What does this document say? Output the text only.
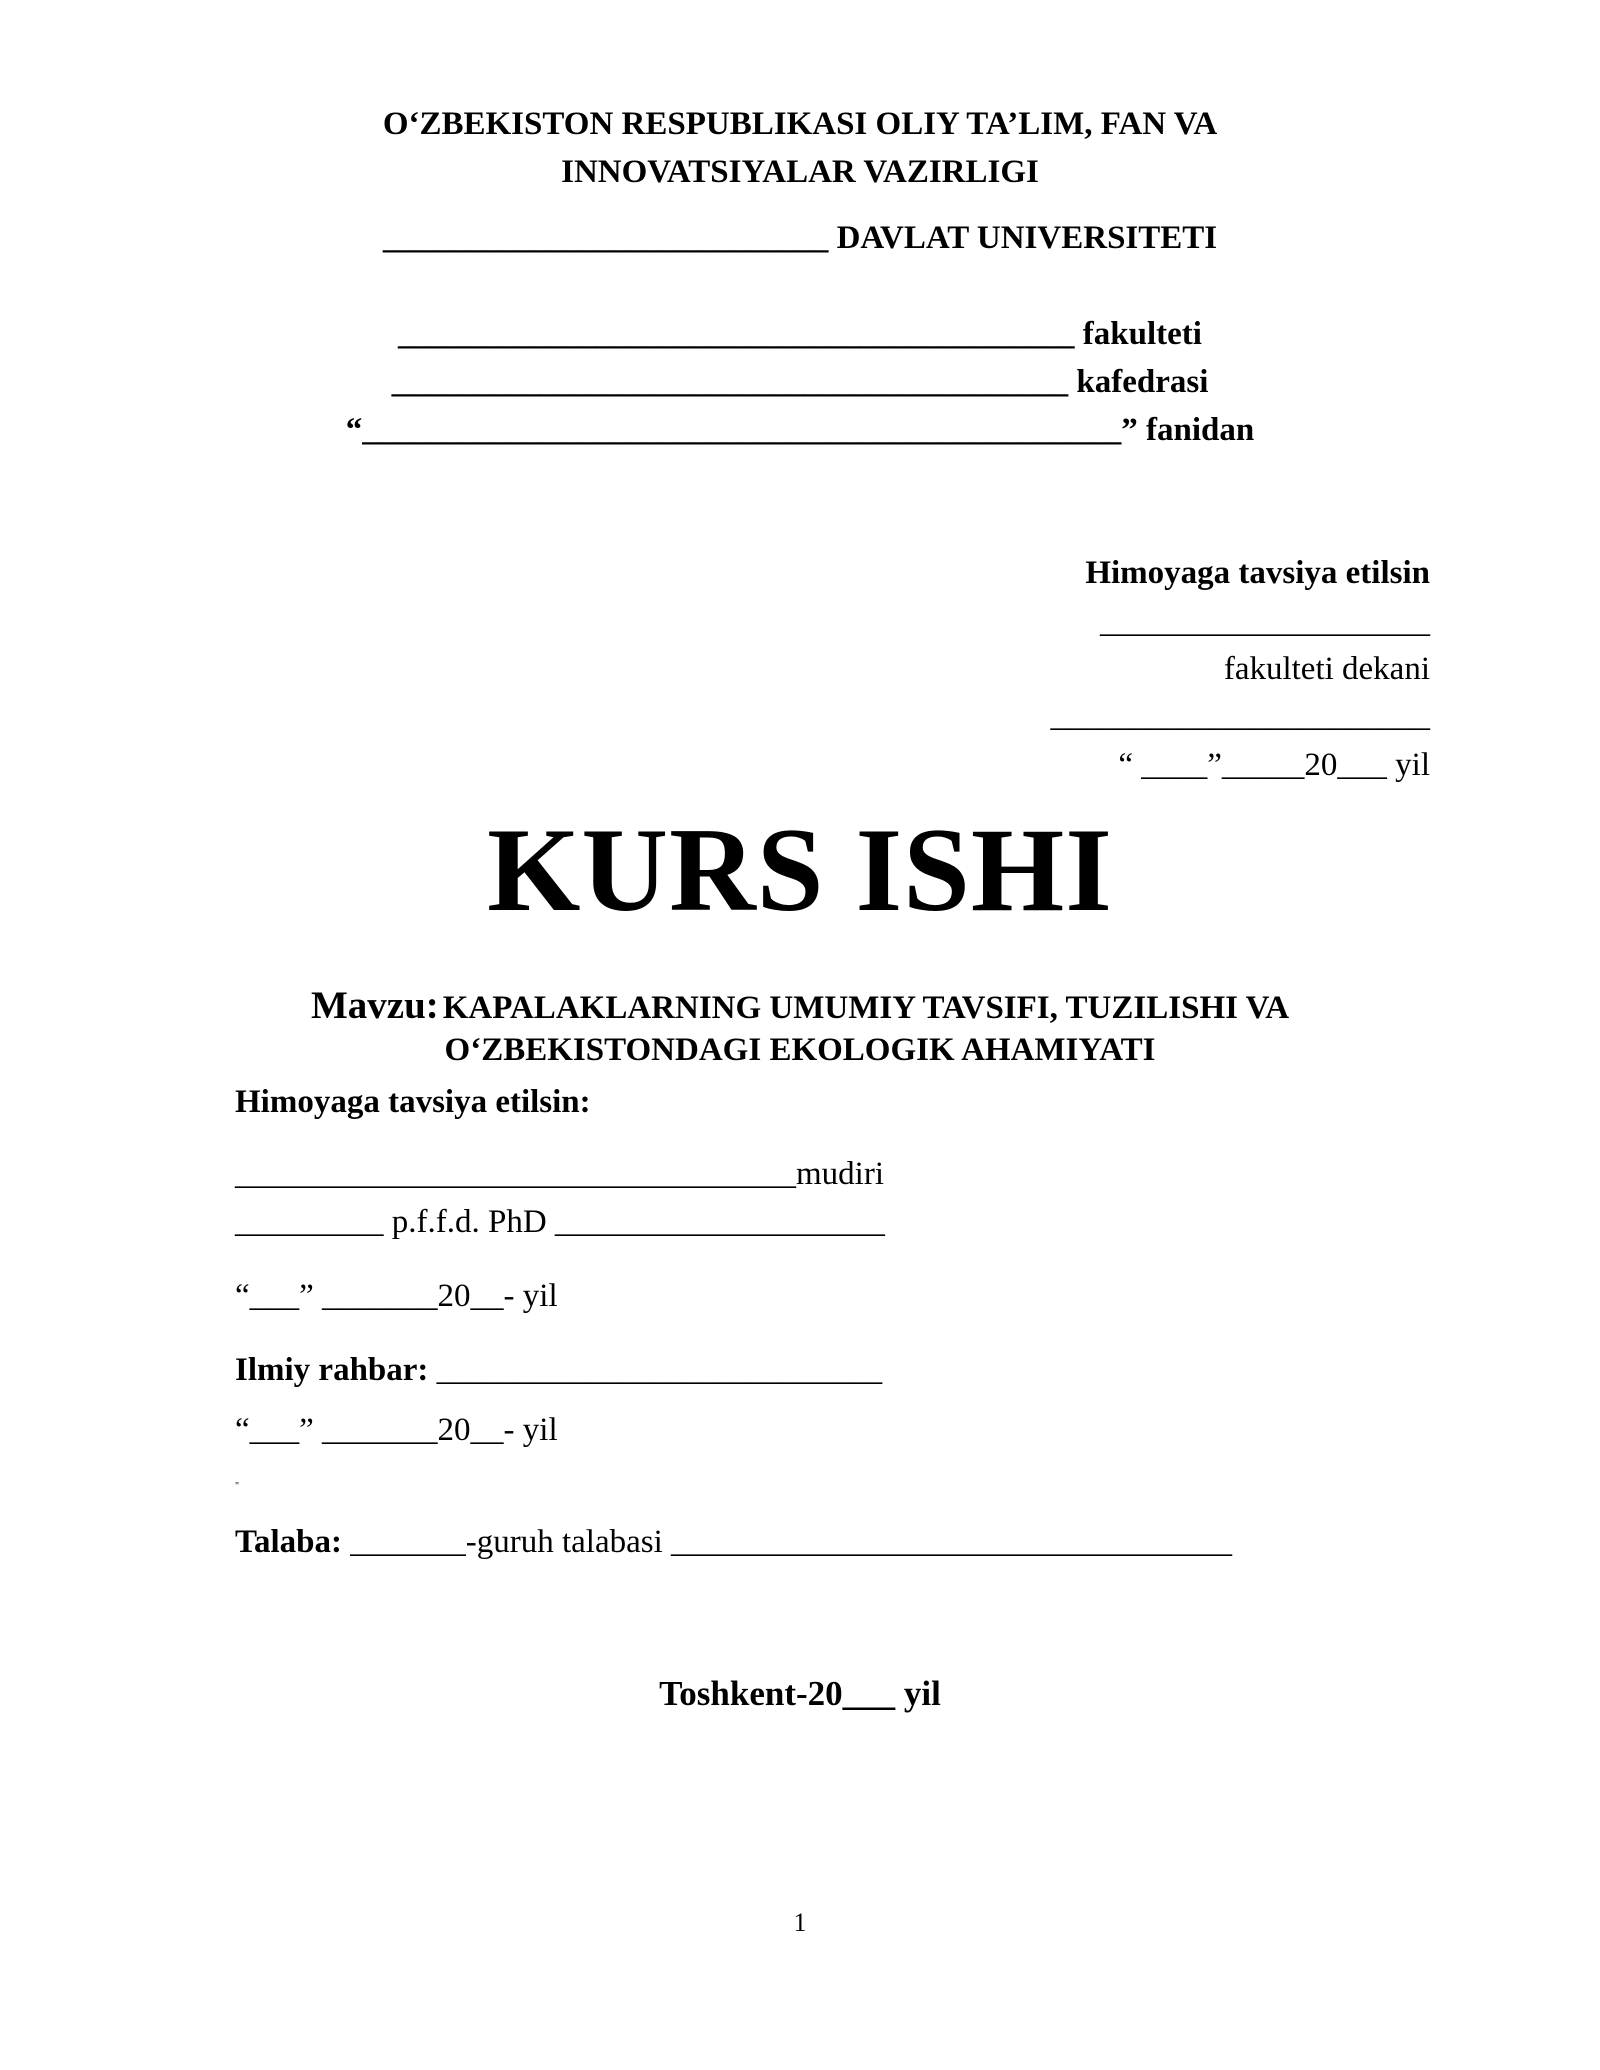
O‘ZBEKISTON RESPUBLIKASI OLIY TA’LIM, FAN VA
INNOVATSIYALAR VAZIRLIGI
___________________________ DAVLAT UNIVERSITETI
_________________________________________ fakulteti
_________________________________________ kafedrasi
“______________________________________________” fanidan
Himoyaga tavsiya etilsin
____________________
fakulteti dekani
_______________________
“ ____”_____20___ yil
KURS ISHI
Mavzu: KAPALAKLARNING UMUMIY TAVSIFI, TUZILISHI VA
O‘ZBEKISTONDAGI EKOLOGIK AHAMIYATI
Himoyaga tavsiya etilsin:
__________________________________mudiri
_________ p.f.f.d. PhD ____________________
“___” _______20__- yil
Ilmiy rahbar: ___________________________
“___” _______20__- yil
"
Talaba: _______-guruh talabasi __________________________________
Toshkent-20___ yil
1
